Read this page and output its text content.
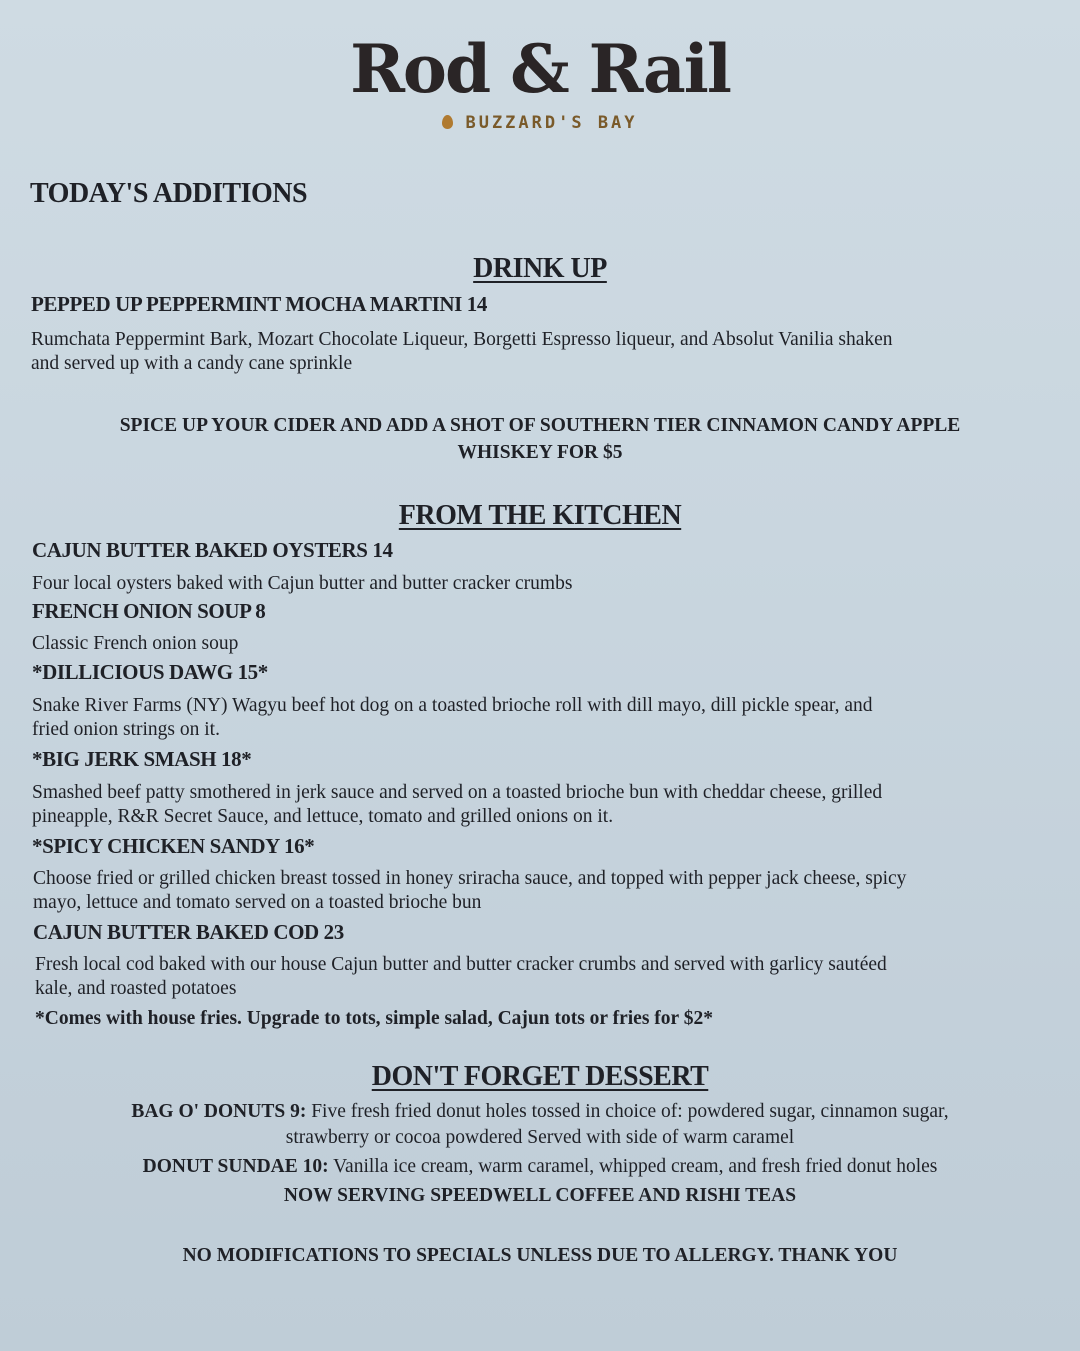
Rod & Rail
BUZZARD'S BAY
TODAY'S ADDITIONS
DRINK UP
PEPPED UP PEPPERMINT MOCHA MARTINI 14
Rumchata Peppermint Bark, Mozart Chocolate Liqueur, Borgetti Espresso liqueur, and Absolut Vanilia shaken
and served up with a candy cane sprinkle
SPICE UP YOUR CIDER AND ADD A SHOT OF SOUTHERN TIER CINNAMON CANDY APPLE
WHISKEY FOR $5
FROM THE KITCHEN
CAJUN BUTTER BAKED OYSTERS 14
Four local oysters baked with Cajun butter and butter cracker crumbs
FRENCH ONION SOUP 8
Classic French onion soup
*DILLICIOUS DAWG 15*
Snake River Farms (NY) Wagyu beef hot dog on a toasted brioche roll with dill mayo, dill pickle spear, and
fried onion strings on it.
*BIG JERK SMASH 18*
Smashed beef patty smothered in jerk sauce and served on a toasted brioche bun with cheddar cheese, grilled
pineapple, R&R Secret Sauce, and lettuce, tomato and grilled onions on it.
*SPICY CHICKEN SANDY 16*
Choose fried or grilled chicken breast tossed in honey sriracha sauce, and topped with pepper jack cheese, spicy
mayo, lettuce and tomato served on a toasted brioche bun
CAJUN BUTTER BAKED COD 23
Fresh local cod baked with our house Cajun butter and butter cracker crumbs and served with garlicy sautéed
kale, and roasted potatoes
*Comes with house fries. Upgrade to tots, simple salad, Cajun tots or fries for $2*
DON'T FORGET DESSERT
BAG O' DONUTS 9: Five fresh fried donut holes tossed in choice of: powdered sugar, cinnamon sugar,
strawberry or cocoa powdered Served with side of warm caramel
DONUT SUNDAE 10: Vanilla ice cream, warm caramel, whipped cream, and fresh fried donut holes
NOW SERVING SPEEDWELL COFFEE AND RISHI TEAS
NO MODIFICATIONS TO SPECIALS UNLESS DUE TO ALLERGY. THANK YOU
